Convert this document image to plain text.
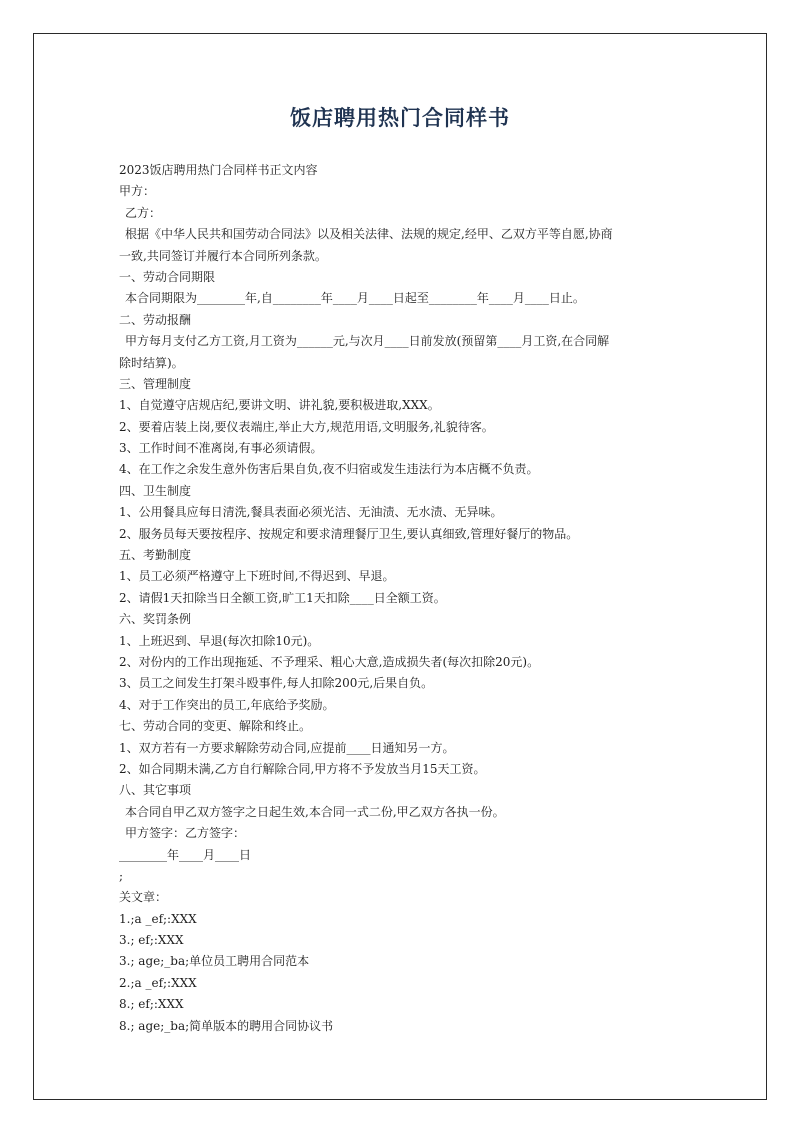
饭店聘用热门合同样书
2023饭店聘用热门合同样书正文内容
甲方：
乙方：
根据《中华人民共和国劳动合同法》以及相关法律、法规的规定,经甲、乙双方平等自愿,协商
一致,共同签订并履行本合同所列条款。
一、劳动合同期限
本合同期限为________年,自________年____月____日起至________年____月____日止。
二、劳动报酬
甲方每月支付乙方工资,月工资为______元,与次月____日前发放(预留第____月工资,在合同解
除时结算)。
三、管理制度
1、自觉遵守店规店纪,要讲文明、讲礼貌,要积极进取,XXX。
2、要着店装上岗,要仪表端庄,举止大方,规范用语,文明服务,礼貌待客。
3、工作时间不准离岗,有事必须请假。
4、在工作之余发生意外伤害后果自负,夜不归宿或发生违法行为本店概不负责。
四、卫生制度
1、公用餐具应每日清洗,餐具表面必须光洁、无油渍、无水渍、无异味。
2、服务员每天要按程序、按规定和要求清理餐厅卫生,要认真细致,管理好餐厅的物品。
五、考勤制度
1、员工必须严格遵守上下班时间,不得迟到、早退。
2、请假1天扣除当日全额工资,旷工1天扣除____日全额工资。
六、奖罚条例
1、上班迟到、早退(每次扣除10元)。
2、对份内的工作出现拖延、不予理采、粗心大意,造成损失者(每次扣除20元)。
3、员工之间发生打架斗殴事件,每人扣除200元,后果自负。
4、对于工作突出的员工,年底给予奖励。
七、劳动合同的变更、解除和终止。
1、双方若有一方要求解除劳动合同,应提前____日通知另一方。
2、如合同期未满,乙方自行解除合同,甲方将不予发放当月15天工资。
八、其它事项
本合同自甲乙双方签字之日起生效,本合同一式二份,甲乙双方各执一份。
甲方签字：乙方签字：
________年____月____日
;
关文章：
1.;a _ef;:XXX
3.; ef;:XXX
3.; age;_ba;单位员工聘用合同范本
2.;a _ef;:XXX
8.; ef;:XXX
8.; age;_ba;简单版本的聘用合同协议书
